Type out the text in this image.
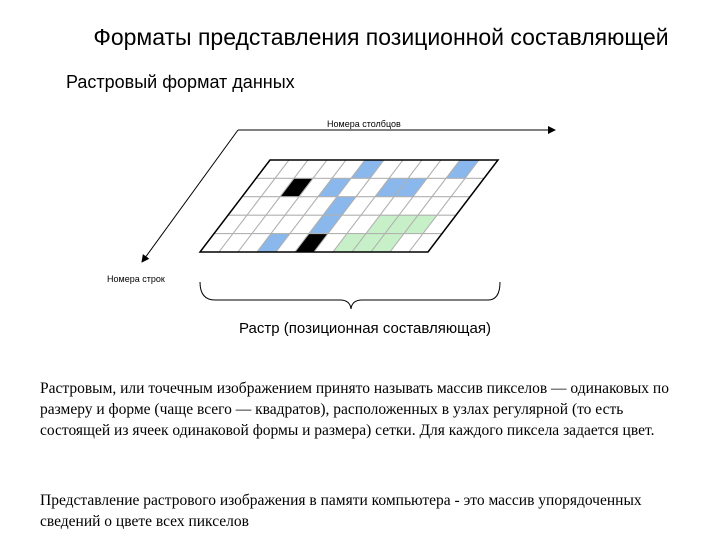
Форматы представления позиционной составляющей
Растровый формат данных
Номера столбцов
Номера строк
Растр (позиционная составляющая)
Растровым, или точечным изображением принято называть массив пикселов — одинаковых по размеру и форме (чаще всего — квадратов), расположенных в узлах регулярной (то есть состоящей из ячеек одинаковой формы и размера) сетки. Для каждого пиксела задается цвет.
Представление растрового изображения в памяти компьютера - это массив упорядоченных сведений о цвете всех пикселов
